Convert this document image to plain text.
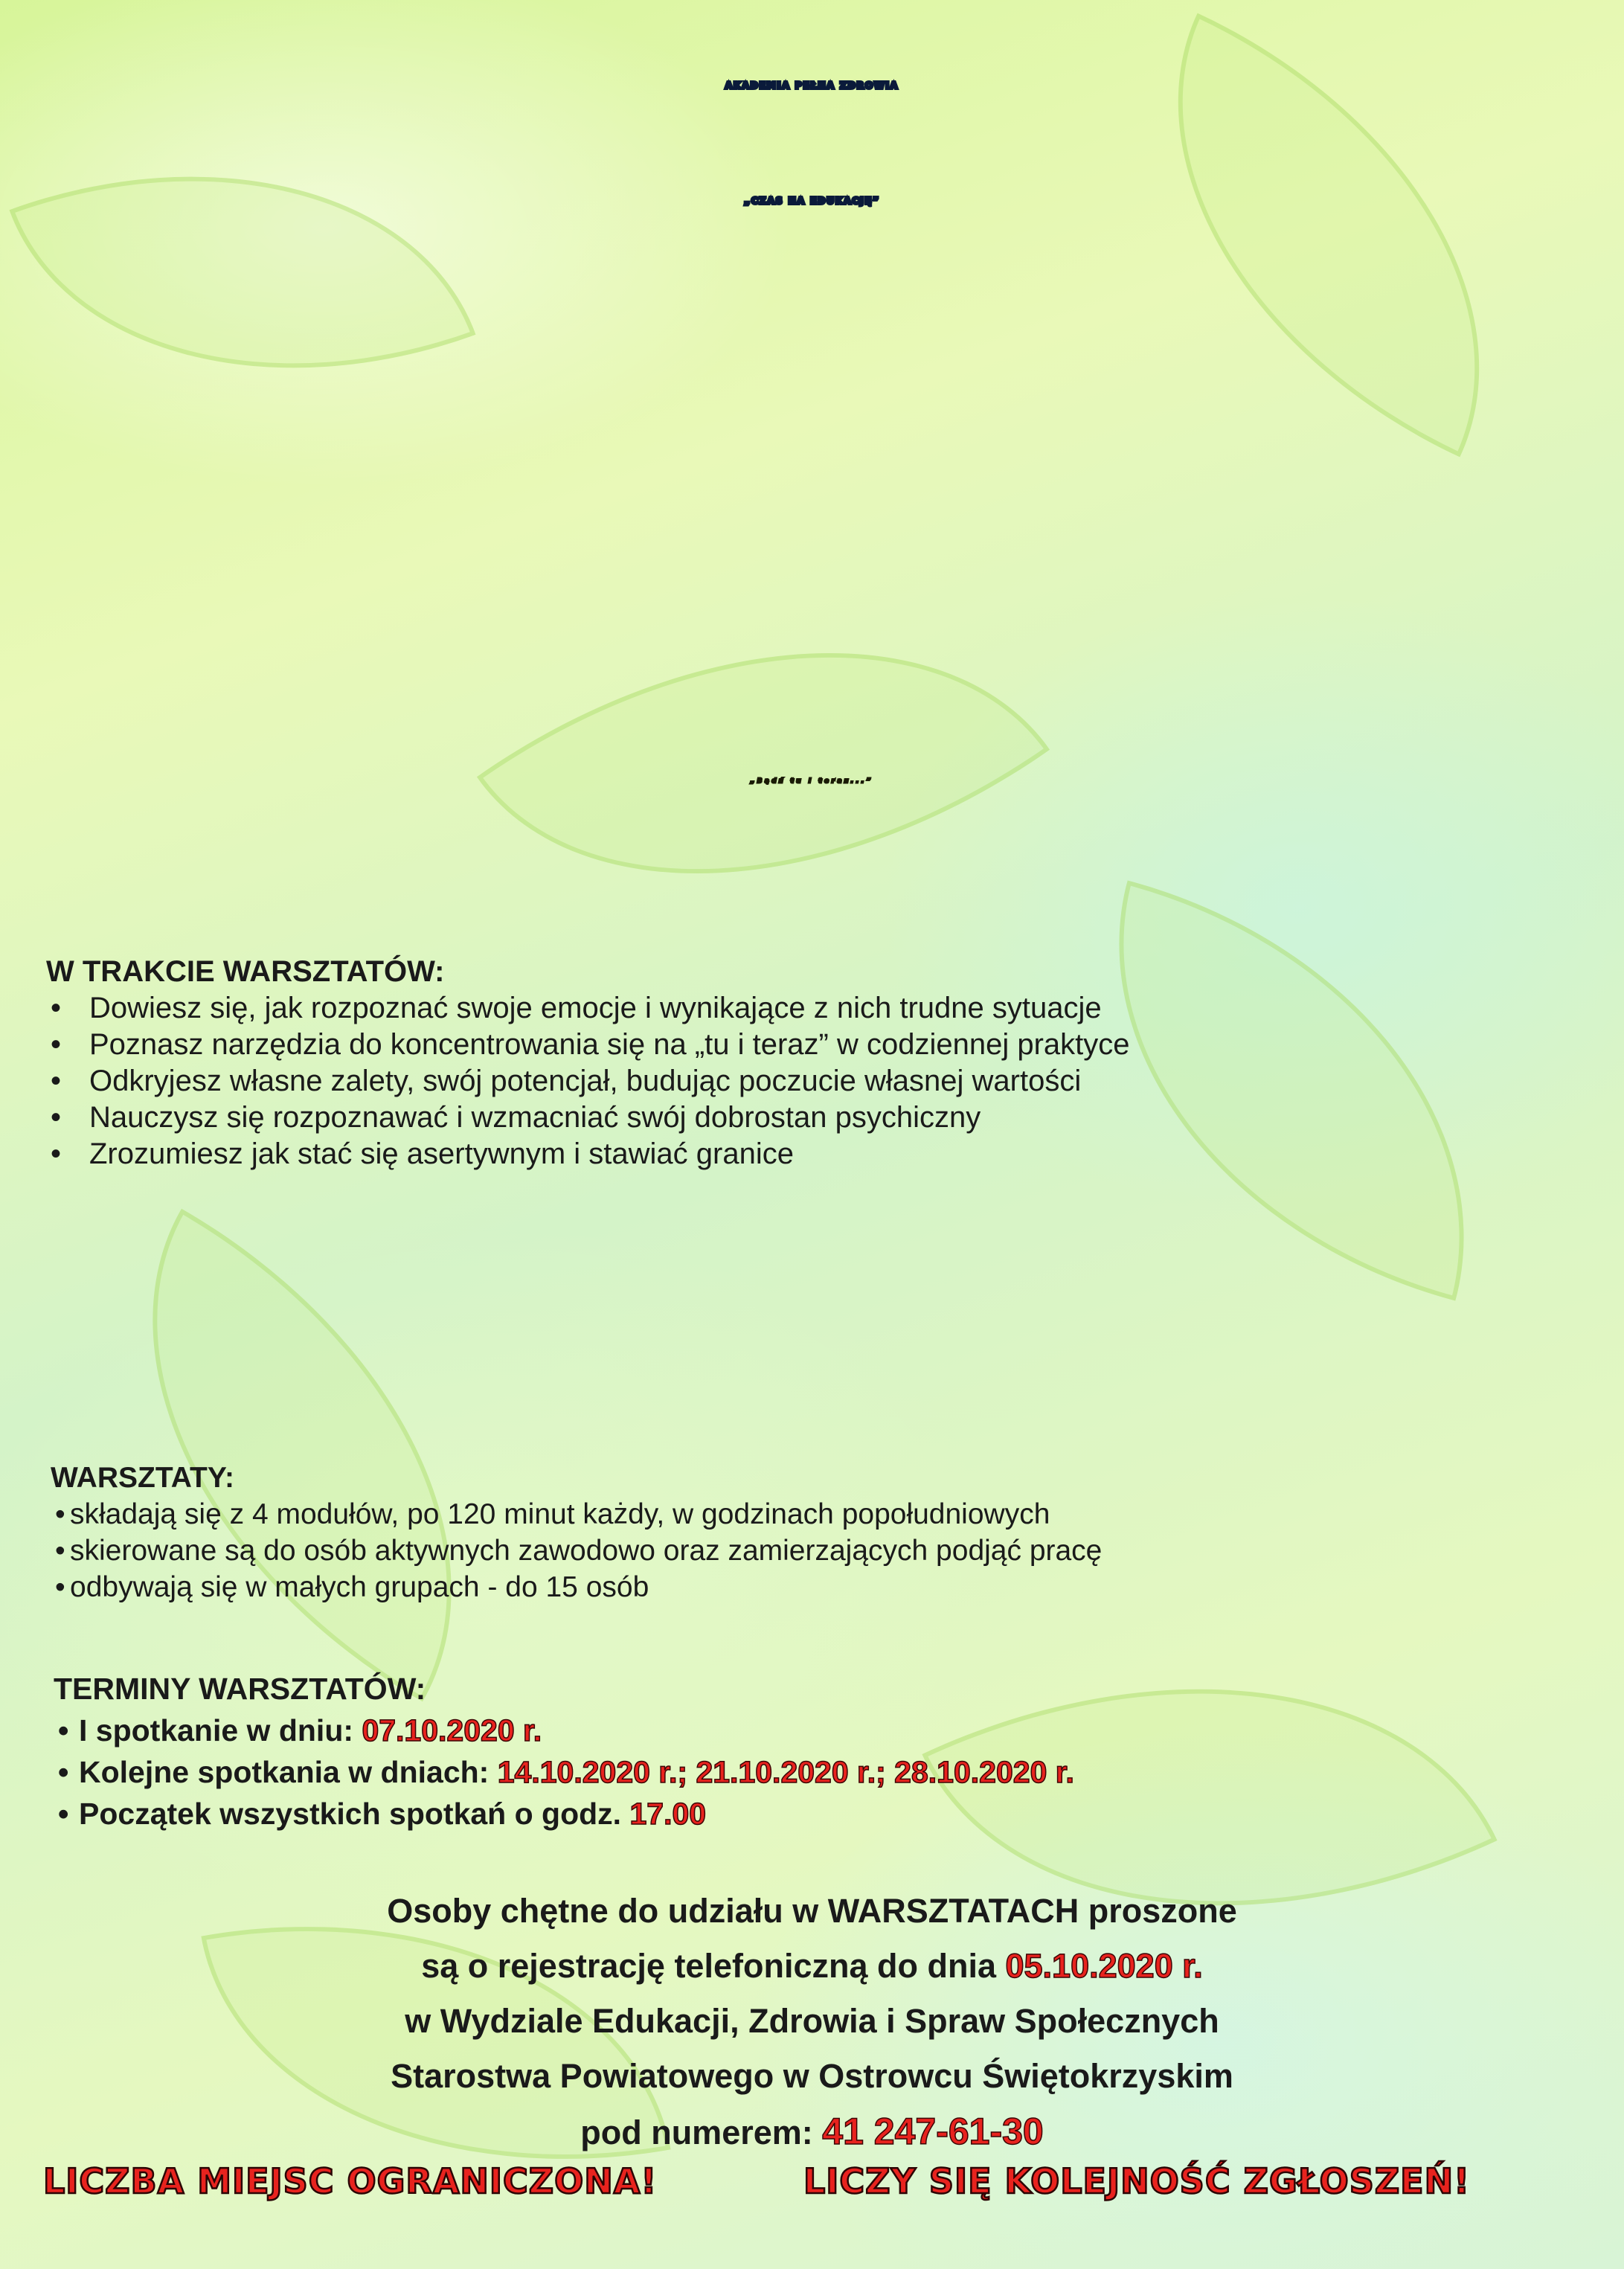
AKADEMIA PEŁNA ZDROWIA
„CZAS NA EDUKACJĘ”
„Bądź tu i teraz...”
W TRAKCIE WARSZTATÓW:
• Dowiesz się, jak rozpoznać swoje emocje i wynikające z nich trudne sytuacje
• Poznasz narzędzia do koncentrowania się na „tu i teraz” w codziennej praktyce
• Odkryjesz własne zalety, swój potencjał, budując poczucie własnej wartości
• Nauczysz się rozpoznawać i wzmacniać swój dobrostan psychiczny
• Zrozumiesz jak stać się asertywnym i stawiać granice
WARSZTATY:
• składają się z 4 modułów, po 120 minut każdy, w godzinach popołudniowych
• skierowane są do osób aktywnych zawodowo oraz zamierzających podjąć pracę
• odbywają się w małych grupach - do 15 osób
TERMINY WARSZTATÓW:
• I spotkanie w dniu: 07.10.2020 r.
• Kolejne spotkania w dniach: 14.10.2020 r.; 21.10.2020 r.; 28.10.2020 r.
• Początek wszystkich spotkań o godz. 17.00
Osoby chętne do udziału w WARSZTATACH proszone
są o rejestrację telefoniczną do dnia 05.10.2020 r.
w Wydziale Edukacji, Zdrowia i Spraw Społecznych
Starostwa Powiatowego w Ostrowcu Świętokrzyskim
pod numerem: 41 247-61-30
LICZBA MIEJSC OGRANICZONA!	LICZY SIĘ KOLEJNOŚĆ ZGŁOSZEŃ!
